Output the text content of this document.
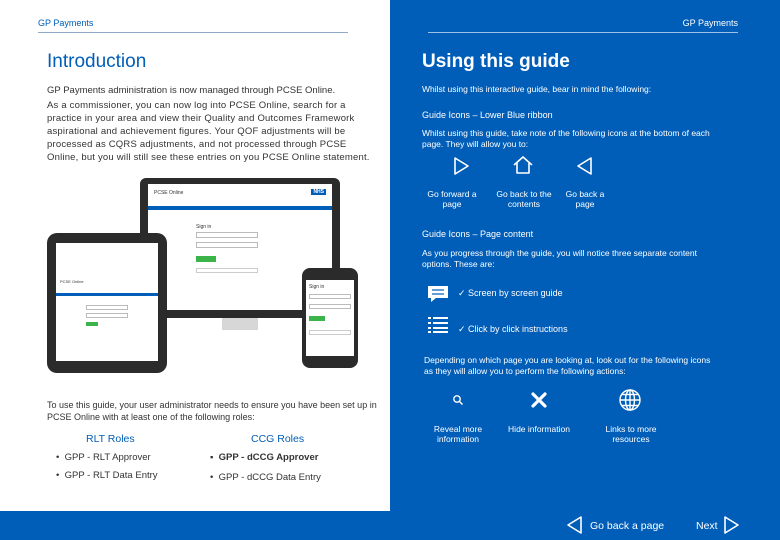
GP Payments
Introduction
GP Payments administration is now managed through PCSE Online.
As a commissioner, you can now log into PCSE Online, search for a practice in your area and view their Quality and Outcomes Framework aspirational and achievement figures. Your QOF adjustments will be processed as CQRS adjustments, and not processed through PCSE Online, but you will still see these entries on you PCSE Online statement.
PCSE Online	NHS
Sign in
PCSE Online
Sign in
To use this guide, your user administrator needs to ensure you have been set up in PCSE Online with at least one of the following roles:
RLT Roles	CCG Roles
•  GPP - RLT Approver
•  GPP - RLT Data Entry
▪  GPP - dCCG Approver
•  GPP - dCCG Data Entry
GP Payments
Using this guide
Whilst using this interactive guide, bear in mind the following:
Guide Icons – Lower Blue ribbon
Whilst using this guide, take note of the following icons at the bottom of each page. They will allow you to:
Go forward a page
Go back to the contents
Go back a page
Guide Icons – Page content
As you progress through the guide, you will notice three separate content options. These are:
✓ Screen by screen guide
✓ Click by click instructions
Depending on which page you are looking at, look out for the following icons as they will allow you to perform the following actions:
Reveal more information
Hide information	Links to more resources
Go back a page	Next
